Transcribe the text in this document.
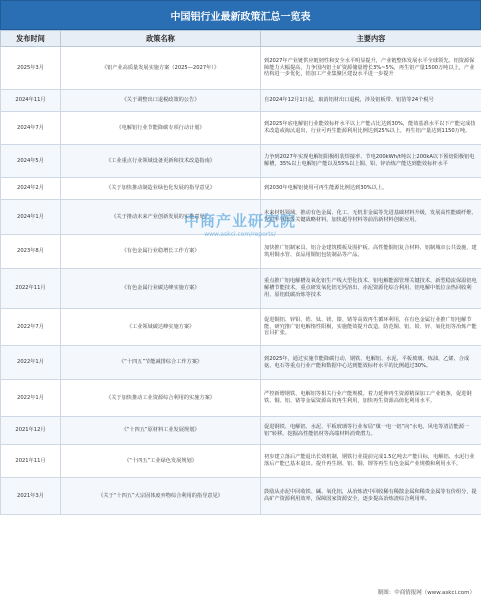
中国铝行业最新政策汇总一览表
发布时间	政策名称	主要内容
2025年3月	《铝产业高质量发展实施方案（2025—2027年）》	到2027年产业链供应链韧性和安全水平明显提升，产业链整体发展水平全球领先。铝资源保障能力大幅提高，力争国内铝土矿资源储量增长3%~5%，再生铝产量1500万吨以上，产业结构进一步优化，铝加工产业集聚区建设水平进一步提升
2024年11月	《关于调整出口退税政策的公告》	自2024年12月1日起，取消铝材出口退税，涉及铝板带、铝箔等24个税号
2024年7月	《电解铝行业节能降碳专项行动计划》	到2025年底电解铝行业能效标杆水平以上产能占比达到30%，能效基准水平以下产能完成技术改造或淘汰退出，行业可再生能源利用比例达到25%以上，再生铝产量达到1150万吨。
2024年5月	《工业重点行业领域设备更新和技术改造指南》	力争到2027年实现电解铝阳极组装焊接率、节电200kWh/t吨以上200kA以下预焙阳极铝电解槽，35%以上电解铝产能以及55%以上铜、铅、锌冶炼产能达到能效标杆水平
2024年2月	《关于加快推动制造业绿色化发展的指导意见》	到2030年电解铝使用可再生能源比例达到30%以上。
2024年1月	《关于推动未来产业创新发展的实施意见》	未来材料领域，推动有色金属、化工、无机非金属等先进基础材料升级，发展高性能碳纤维、先进半导体等关键战略材料，加快超导材料等前沿新材料创新应用。
2023年8月	《有色金属行业稳增长工作方案》	加快推广铝制家具、铝合金建筑模板及围护板、高性能铜铝复合材料、铝制城市公共设施、建筑用铜水管、食品用铜铝包装制品等产品。
2022年11月	《有色金属行业碳达峰实施方案》	重点推广铝电解槽及氧化铝生产线大型化技术、铝电解能源管理关键技术、新型稳流保温铝电解槽节能技术，重点研发氧化铝无钙溶出、赤泥资源化综合利用、铝电解中低位余热回收利用、原铝低碳冶炼等技术
2022年7月	《工业领域碳达峰实施方案》	促进铜铝、锌铅、锆、钛、镁、镍、锗等高效再生循环利用，在有色金属行业推广铝电解节能、研究推广铝电解惰性阳极，实施能效提升改造，防范铜、铝、铅、锌、氧化铝等冶炼产能盲目扩张。
2022年1月	《“十四五”节能减排综合工作方案》	到2025年，通过实施节能降碳行动，钢铁、电解铝、水泥、平板玻璃、炼油、乙烯、合成氨、电石等重点行业产能和数据中心达到能效标杆水平的比例超过30%。
2022年1月	《关于加快推动工业资源综合利用的实施方案》	严控新增钢铁、电解铝等相关行业产能规模。着力延伸再生资源精深加工产业链条，促进钢铁、铜、铝、锗等金属资源高效再生利用，加快再生资源高值化利用水平。
2021年12月	《“十四五”原材料工业发展规划》	促进钢铁、电解铝、水泥、平板玻璃等行业布局“煤一电一铝”向“水电、风电等清洁能源一铝”转移。挖掘高性能铝材等高端材料消费潜力。
2021年11月	《“十四五”工业绿色发展规划》	初步建立落后产能退出长效机制，钢铁行业提前完成1.5亿吨去产能目标，电解铝、水泥行业落后产能已基本退出。提升再生钢、铝、铜、锂等再生有色金属产业规模和利用水平。
2021年3月	《关于“十四五”大宗固体废弃物综合利用的指导意见》	鼓励从赤泥中回收铁、碱、氧化铝，从冶炼渣中回收稀有稀散金属和稀贵金属等有价组分，提高矿产资源利用效率，保障国家资源安全，逐步提高冶炼渣综合利用率。
中商产业研究院
www.askci.com/reports/
制图：中商情报网（www.askci.com）
